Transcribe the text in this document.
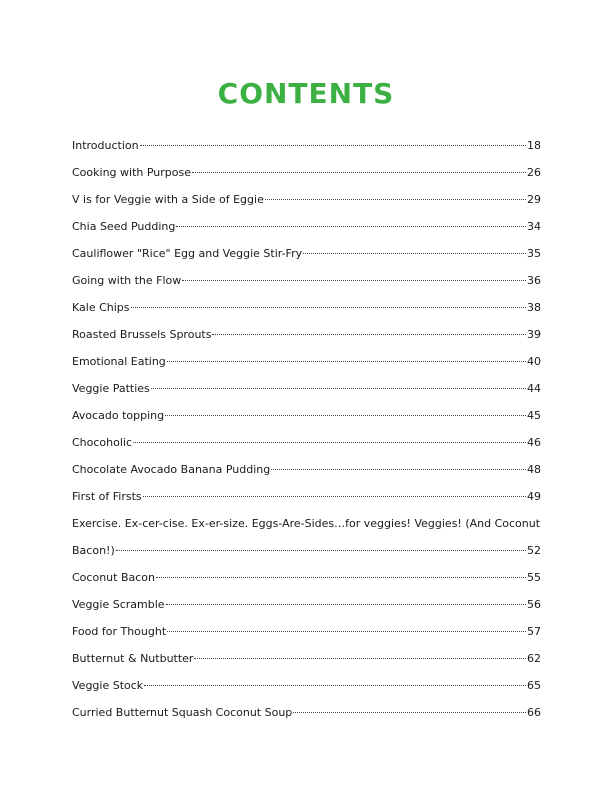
CONTENTS
Introduction	18
Cooking with Purpose	26
V is for Veggie with a Side of Eggie	29
Chia Seed Pudding	34
Cauliflower "Rice" Egg and Veggie Stir-Fry	35
Going with the Flow	36
Kale Chips	38
Roasted Brussels Sprouts	39
Emotional Eating	40
Veggie Patties	44
Avocado topping	45
Chocoholic	46
Chocolate Avocado Banana Pudding	48
First of Firsts	49
Exercise. Ex-cer-cise. Ex-er-size. Eggs-Are-Sides…for veggies! Veggies! (And Coconut
Bacon!)	52
Coconut Bacon	55
Veggie Scramble	56
Food for Thought	57
Butternut & Nutbutter	62
Veggie Stock	65
Curried Butternut Squash Coconut Soup	66
